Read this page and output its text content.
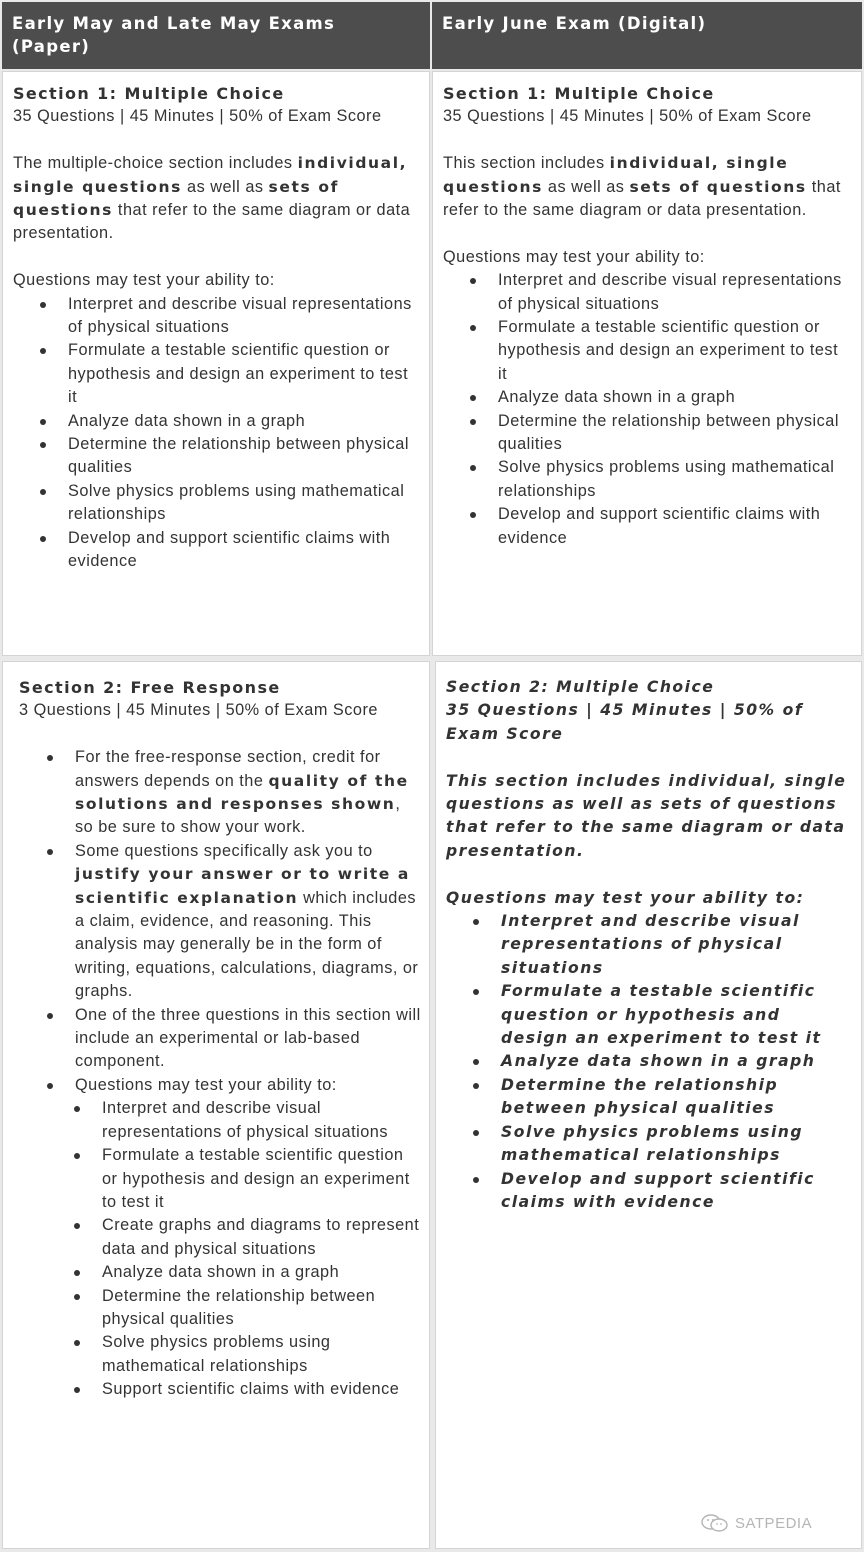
Early May and Late May Exams (Paper)
Early June Exam (Digital)
Section 1: Multiple Choice

35 Questions | 45 Minutes | 50% of Exam Score

The multiple-choice section includes individual, single questions as well as sets of questions that refer to the same diagram or data presentation.

Questions may test your ability to:

Interpret and describe visual representations of physical situations
Formulate a testable scientific question or hypothesis and design an experiment to test it
Analyze data shown in a graph
Determine the relationship between physical qualities
Solve physics problems using mathematical relationships
Develop and support scientific claims with evidence
Section 1: Multiple Choice

35 Questions | 45 Minutes | 50% of Exam Score

This section includes individual, single questions as well as sets of questions that refer to the same diagram or data presentation.

Questions may test your ability to:

Interpret and describe visual representations of physical situations
Formulate a testable scientific question or hypothesis and design an experiment to test it
Analyze data shown in a graph
Determine the relationship between physical qualities
Solve physics problems using mathematical relationships
Develop and support scientific claims with evidence
Section 2: Free Response

3 Questions | 45 Minutes | 50% of Exam Score

For the free-response section, credit for answers depends on the quality of the solutions and responses shown, so be sure to show your work.
Some questions specifically ask you to justify your answer or to write a scientific explanation which includes a claim, evidence, and reasoning. This analysis may generally be in the form of writing, equations, calculations, diagrams, or graphs.
One of the three questions in this section will include an experimental or lab-based component.
Questions may test your ability to:
Interpret and describe visual representations of physical situations
Formulate a testable scientific question or hypothesis and design an experiment to test it
Create graphs and diagrams to represent data and physical situations
Analyze data shown in a graph
Determine the relationship between physical qualities
Solve physics problems using mathematical relationships
Support scientific claims with evidence
Section 2: Multiple Choice

35 Questions | 45 Minutes | 50% of Exam Score

This section includes individual, single questions as well as sets of questions that refer to the same diagram or data presentation.

Questions may test your ability to:

Interpret and describe visual representations of physical situations
Formulate a testable scientific question or hypothesis and design an experiment to test it
Analyze data shown in a graph
Determine the relationship between physical qualities
Solve physics problems using mathematical relationships
Develop and support scientific claims with evidence
SATPEDIA
